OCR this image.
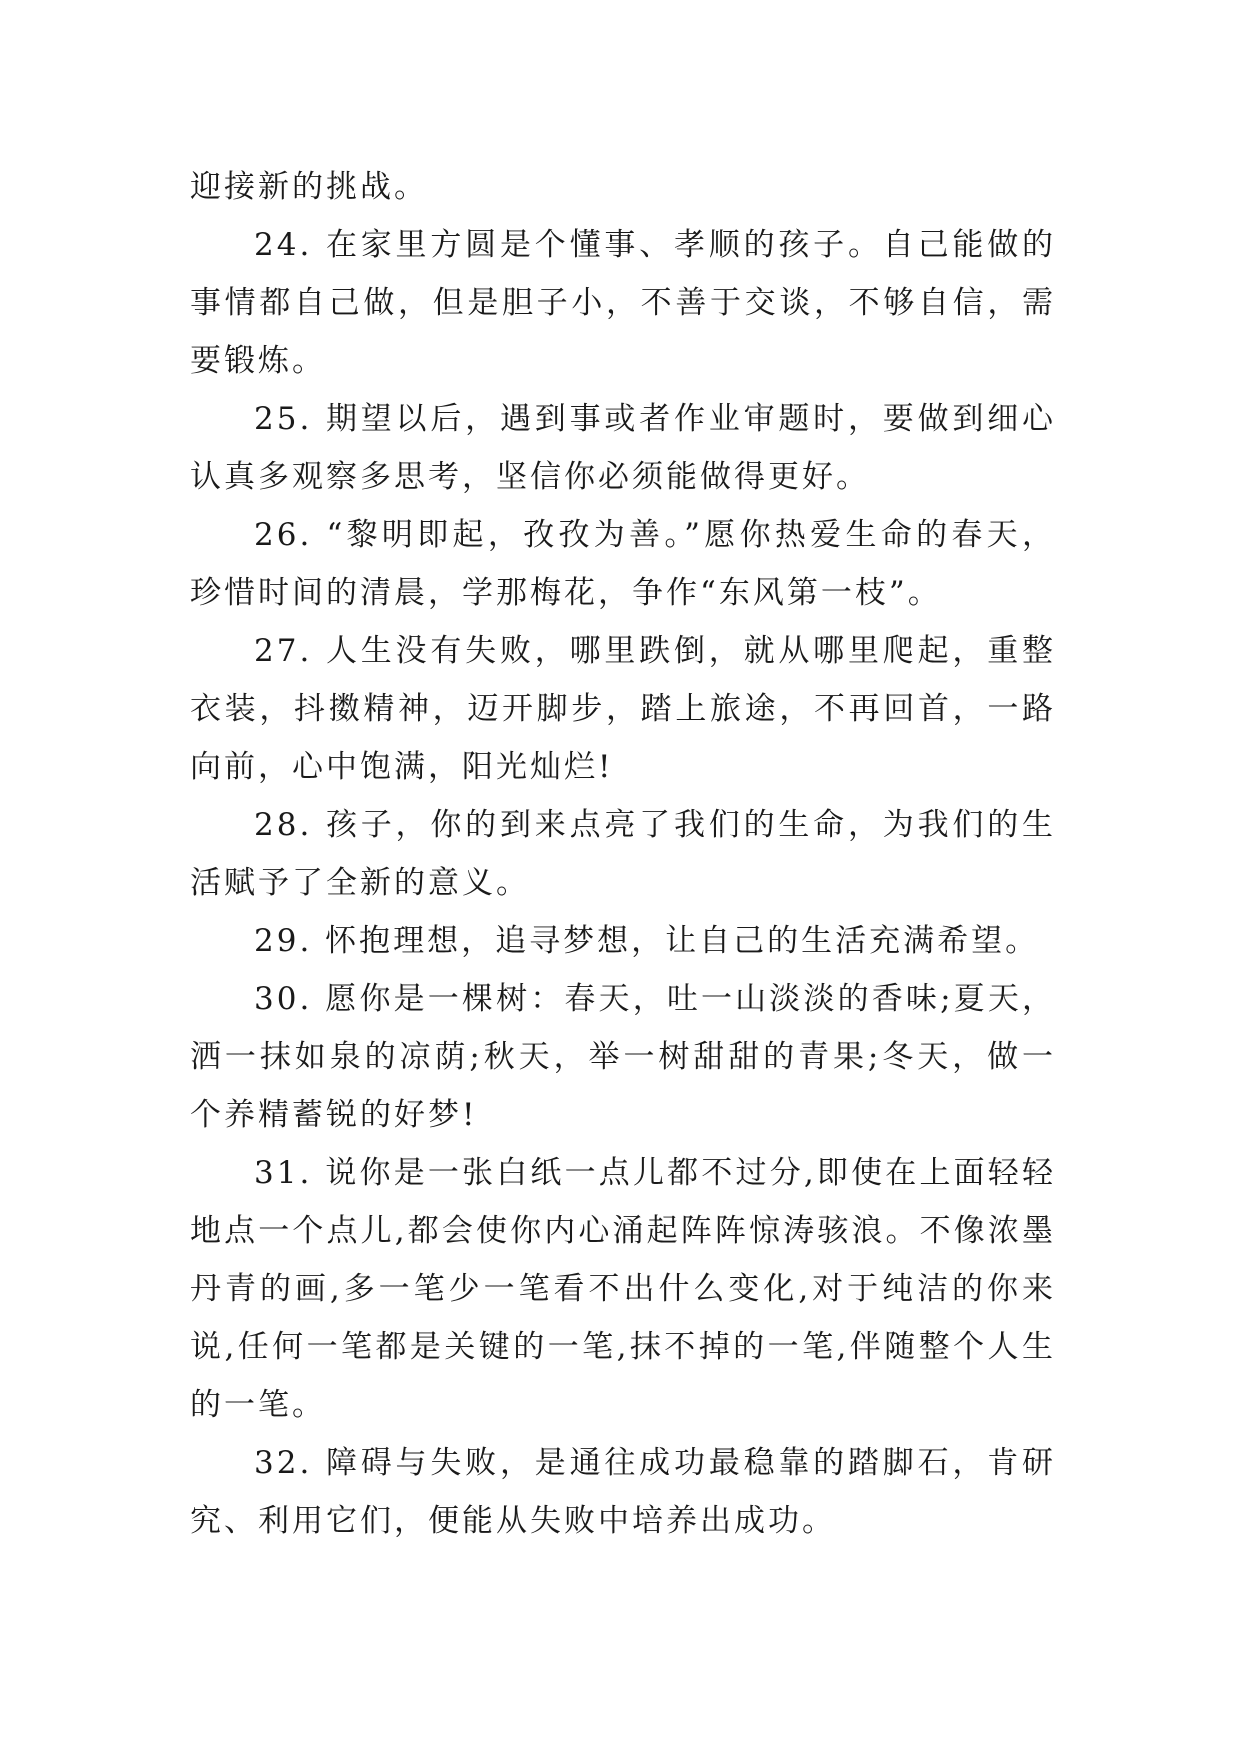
迎接新的挑战。

24. 在家里方圆是个懂事、孝顺的孩子。自己能做的事情都自己做，但是胆子小，不善于交谈，不够自信，需要锻炼。

25. 期望以后，遇到事或者作业审题时，要做到细心认真多观察多思考，坚信你必须能做得更好。

26. “黎明即起，孜孜为善。”愿你热爱生命的春天，珍惜时间的清晨，学那梅花，争作“东风第一枝”。

27. 人生没有失败，哪里跌倒，就从哪里爬起，重整衣装，抖擞精神，迈开脚步，踏上旅途，不再回首，一路向前，心中饱满，阳光灿烂!

28. 孩子，你的到来点亮了我们的生命，为我们的生活赋予了全新的意义。

29. 怀抱理想，追寻梦想，让自己的生活充满希望。

30. 愿你是一棵树：春天，吐一山淡淡的香味;夏天，洒一抹如泉的凉荫;秋天，举一树甜甜的青果;冬天，做一个养精蓄锐的好梦!

31. 说你是一张白纸一点儿都不过分,即使在上面轻轻地点一个点儿,都会使你内心涌起阵阵惊涛骇浪。不像浓墨丹青的画,多一笔少一笔看不出什么变化,对于纯洁的你来说,任何一笔都是关键的一笔,抹不掉的一笔,伴随整个人生的一笔。

32. 障碍与失败，是通往成功最稳靠的踏脚石，肯研究、利用它们，便能从失败中培养出成功。
